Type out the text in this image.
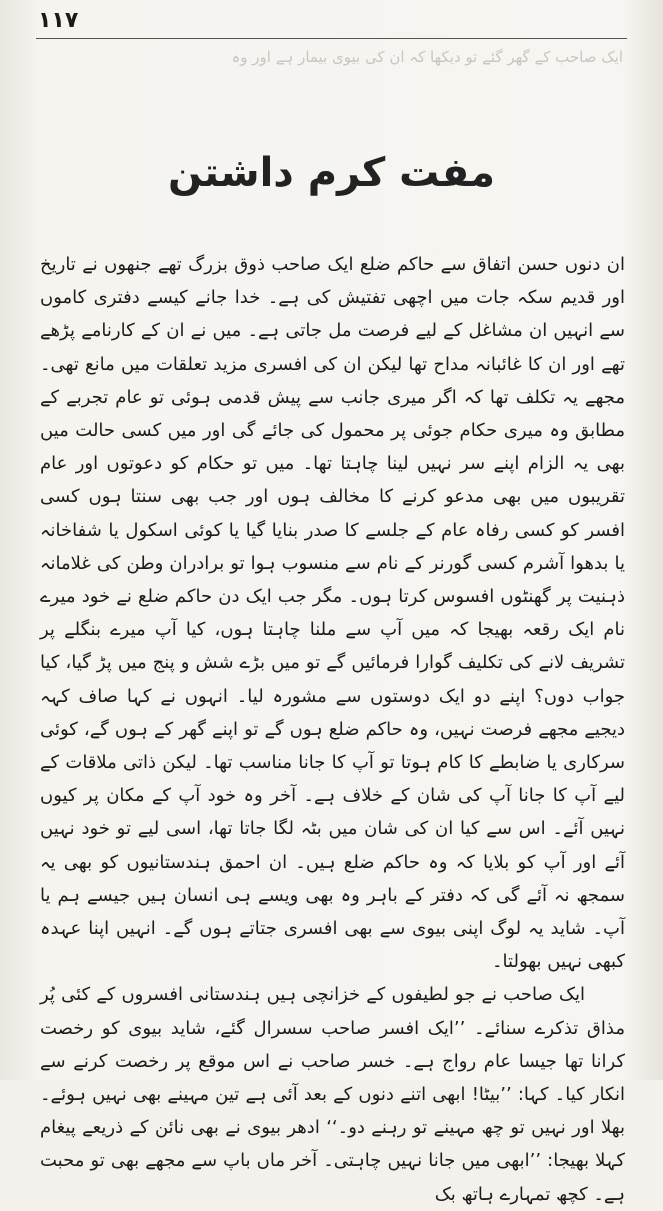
۱۱۷
ایک صاحب کے گھر گئے تو دیکھا کہ ان کی بیوی بیمار ہے اور وہ
مفت کرم داشتن

ان دنوں حسن اتفاق سے حاکم ضلع ایک صاحب ذوق بزرگ تھے جنھوں نے تاریخ اور قدیم سکہ جات میں اچھی تفتیش کی ہے۔ خدا جانے کیسے دفتری کاموں سے انہیں ان مشاغل کے لیے فرصت مل جاتی ہے۔ میں نے ان کے کارنامے پڑھے تھے اور ان کا غائبانہ مداح تھا لیکن ان کی افسری مزید تعلقات میں مانع تھی۔ مجھے یہ تکلف تھا کہ اگر میری جانب سے پیش قدمی ہوئی تو عام تجربے کے مطابق وہ میری حکام جوئی پر محمول کی جائے گی اور میں کسی حالت میں بھی یہ الزام اپنے سر نہیں لینا چاہتا تھا۔ میں تو حکام کو دعوتوں اور عام تقریبوں میں بھی مدعو کرنے کا مخالف ہوں اور جب بھی سنتا ہوں کسی افسر کو کسی رفاہ عام کے جلسے کا صدر بنایا گیا یا کوئی اسکول یا شفاخانہ یا بدھوا آشرم کسی گورنر کے نام سے منسوب ہوا تو برادران وطن کی غلامانہ ذہنیت پر گھنٹوں افسوس کرتا ہوں۔ مگر جب ایک دن حاکم ضلع نے خود میرے نام ایک رقعہ بھیجا کہ میں آپ سے ملنا چاہتا ہوں، کیا آپ میرے بنگلے پر تشریف لانے کی تکلیف گوارا فرمائیں گے تو میں بڑے شش و پنج میں پڑ گیا، کیا جواب دوں؟ اپنے دو ایک دوستوں سے مشورہ لیا۔ انہوں نے کہا صاف کہہ دیجیے مجھے فرصت نہیں، وہ حاکم ضلع ہوں گے تو اپنے گھر کے ہوں گے، کوئی سرکاری یا ضابطے کا کام ہوتا تو آپ کا جانا مناسب تھا۔ لیکن ذاتی ملاقات کے لیے آپ کا جانا آپ کی شان کے خلاف ہے۔ آخر وہ خود آپ کے مکان پر کیوں نہیں آئے۔ اس سے کیا ان کی شان میں بٹہ لگا جاتا تھا، اسی لیے تو خود نہیں آئے اور آپ کو بلایا کہ وہ حاکم ضلع ہیں۔ ان احمق ہندستانیوں کو بھی یہ سمجھ نہ آئے گی کہ دفتر کے باہر وہ بھی ویسے ہی انسان ہیں جیسے ہم یا آپ۔ شاید یہ لوگ اپنی بیوی سے بھی افسری جتاتے ہوں گے۔ انہیں اپنا عہدہ کبھی نہیں بھولتا۔

ایک صاحب نے جو لطیفوں کے خزانچی ہیں ہندستانی افسروں کے کئی پُر مذاق تذکرے سنائے۔ ’’ایک افسر صاحب سسرال گئے، شاید بیوی کو رخصت کرانا تھا جیسا عام رواج ہے۔ خسر صاحب نے اس موقع پر رخصت کرنے سے انکار کیا۔ کہا: ’’بیٹا! ابھی اتنے دنوں کے بعد آئی ہے تین مہینے بھی نہیں ہوئے۔ بھلا اور نہیں تو چھ مہینے تو رہنے دو۔‘‘ ادھر بیوی نے بھی نائن کے ذریعے پیغام کہلا بھیجا: ’’ابھی میں جانا نہیں چاہتی۔ آخر ماں باپ سے مجھے بھی تو محبت ہے۔ کچھ تمہارے ہاتھ بک
